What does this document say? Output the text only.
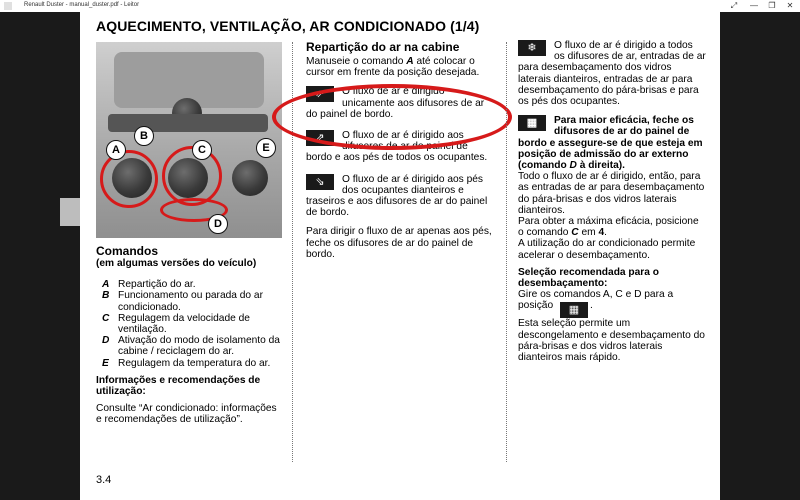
Renault Duster - manual_duster.pdf - Leitor	⤢	—	❐	✕
AQUECIMENTO, VENTILAÇÃO, AR CONDICIONADO (1/4)
A
B
C
D
E
Comandos
(em algumas versões do veículo)
A Repartição do ar.
B Funcionamento ou parada do ar condicionado.
C Regulagem da velocidade de ventilação.
D Ativação do modo de isolamento da cabine / reciclagem do ar.
E Regulagem da temperatura do ar.
Informações e recomendações de utilização:
Consulte “Ar condicionado: informações e recomendações de utilização”.
Repartição do ar na cabine
Manuseie o comando A até colocar o cursor em frente da posição desejada.
⇗	O fluxo de ar é dirigido unicamente aos difusores de ar do painel de bordo.
⇗	O fluxo de ar é dirigido aos difusores de ar do painel de bordo e aos pés de todos os ocupantes.
⇘	O fluxo de ar é dirigido aos pés dos ocupantes dianteiros e traseiros e aos difusores de ar do painel de bordo.
Para dirigir o fluxo de ar apenas aos pés, feche os difusores de ar do painel de bordo.
❄	O fluxo de ar é dirigido a todos os difusores de ar, entradas de ar para desembaçamento dos vidros laterais dianteiros, entradas de ar para desembaçamento do pára-brisas e para os pés dos ocupantes.
▦	Para maior eficácia, feche os difusores de ar do painel de bordo e assegure-se de que esteja em posição de admissão do ar externo (comando D à direita).
Todo o fluxo de ar é dirigido, então, para as entradas de ar para desembaçamento do pára-brisas e dos vidros laterais dianteiros.
Para obter a máxima eficácia, posicione o comando C em 4.
A utilização do ar condicionado permite acelerar o desembaçamento.
Seleção recomendada para o desembaçamento:
Gire os comandos A, C e D para a posição ▦ .
Esta seleção permite um descongelamento e desembaçamento do pára-brisas e dos vidros laterais dianteiros mais rápido.
3.4
